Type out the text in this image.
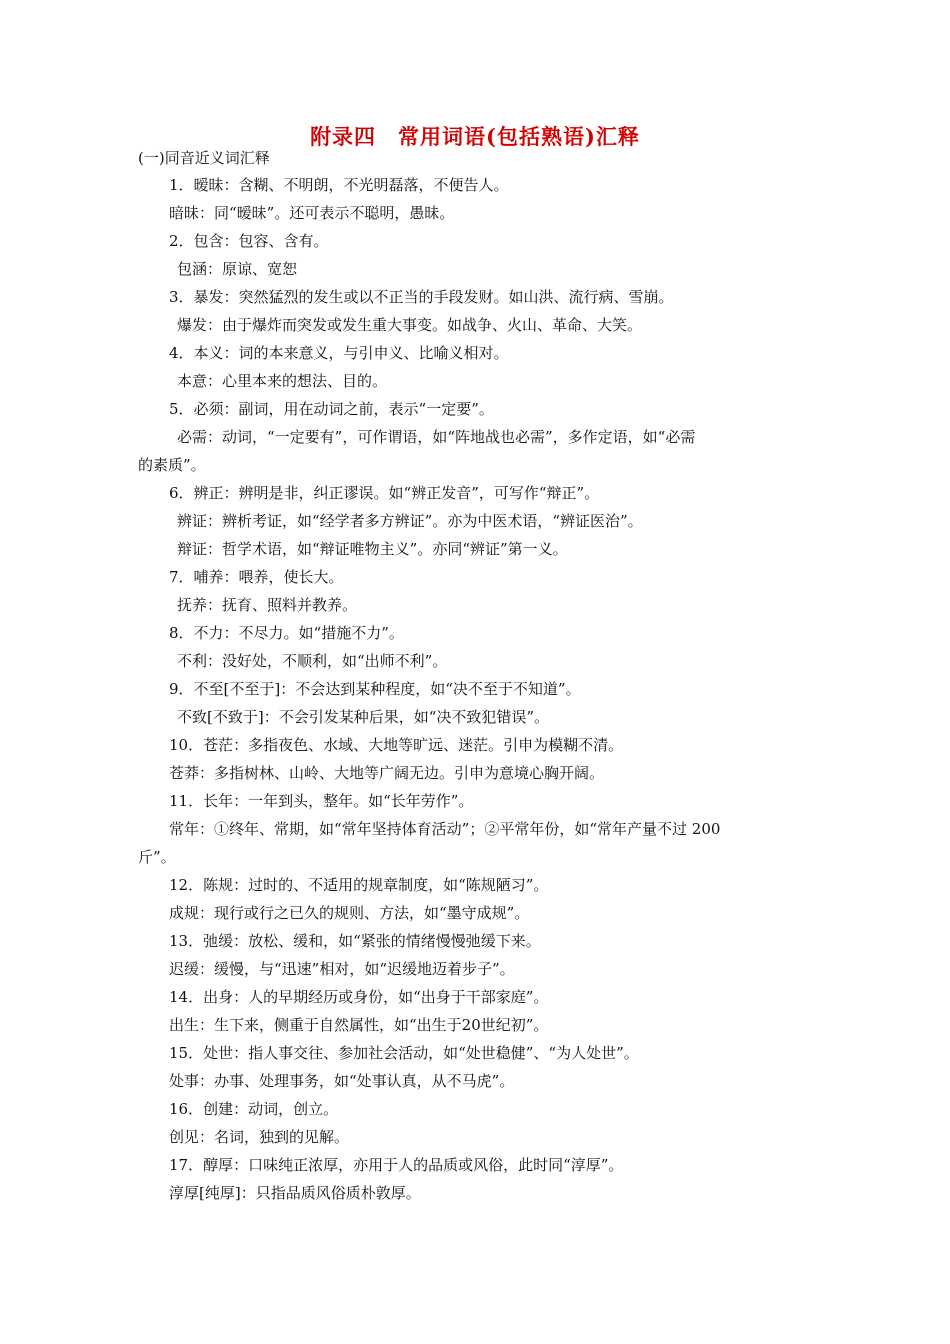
附录四　常用词语(包括熟语)汇释
(一)同音近义词汇释
1．暧昧：含糊、不明朗，不光明磊落，不便告人。
暗昧：同“暧昧”。还可表示不聪明，愚昧。
2．包含：包容、含有。
包涵：原谅、宽恕
3．暴发：突然猛烈的发生或以不正当的手段发财。如山洪、流行病、雪崩。
爆发：由于爆炸而突发或发生重大事变。如战争、火山、革命、大笑。
4．本义：词的本来意义，与引申义、比喻义相对。
本意：心里本来的想法、目的。
5．必须：副词，用在动词之前，表示“一定要”。
必需：动词，“一定要有”，可作谓语，如“阵地战也必需”，多作定语，如“必需
的素质”。
6．辨正：辨明是非，纠正谬误。如“辨正发音”，可写作“辩正”。
辨证：辨析考证，如“经学者多方辨证”。亦为中医术语，“辨证医治”。
辩证：哲学术语，如“辩证唯物主义”。亦同“辨证”第一义。
7．哺养：喂养，使长大。
抚养：抚育、照料并教养。
8．不力：不尽力。如“措施不力”。
不利：没好处，不顺利，如“出师不利”。
9．不至[不至于]：不会达到某种程度，如“决不至于不知道”。
不致[不致于]：不会引发某种后果，如“决不致犯错误”。
10．苍茫：多指夜色、水域、大地等旷远、迷茫。引申为模糊不清。
苍莽：多指树林、山岭、大地等广阔无边。引申为意境心胸开阔。
11．长年：一年到头，整年。如“长年劳作”。
常年：①终年、常期，如“常年坚持体育活动”；②平常年份，如“常年产量不过 200
斤”。
12．陈规：过时的、不适用的规章制度，如“陈规陋习”。
成规：现行或行之已久的规则、方法，如“墨守成规”。
13．弛缓：放松、缓和，如“紧张的情绪慢慢弛缓下来。
迟缓：缓慢，与“迅速”相对，如“迟缓地迈着步子”。
14．出身：人的早期经历或身份，如“出身于干部家庭”。
出生：生下来，侧重于自然属性，如“出生于20世纪初”。
15．处世：指人事交往、参加社会活动，如“处世稳健”、“为人处世”。
处事：办事、处理事务，如“处事认真，从不马虎”。
16．创建：动词，创立。
创见：名词，独到的见解。
17．醇厚：口味纯正浓厚，亦用于人的品质或风俗，此时同“淳厚”。
淳厚[纯厚]：只指品质风俗质朴敦厚。
